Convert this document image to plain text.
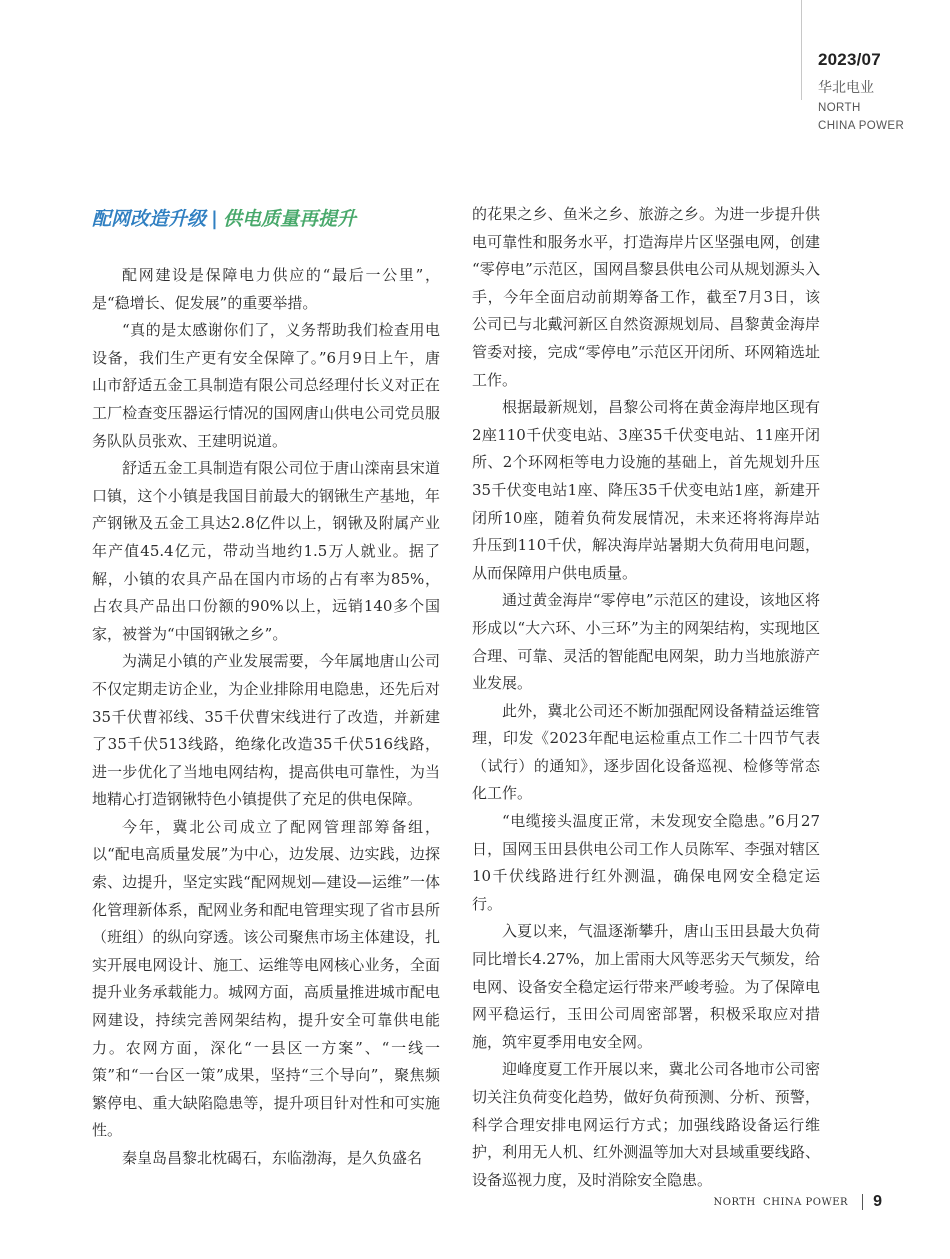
2023/07
华北电业
NORTH
CHINA POWER
配网改造升级 | 供电质量再提升

配网建设是保障电力供应的“最后一公里”，是“稳增长、促发展”的重要举措。

“真的是太感谢你们了，义务帮助我们检查用电设备，我们生产更有安全保障了。”6月9日上午，唐山市舒适五金工具制造有限公司总经理付长义对正在工厂检查变压器运行情况的国网唐山供电公司党员服务队队员张欢、王建明说道。

舒适五金工具制造有限公司位于唐山滦南县宋道口镇，这个小镇是我国目前最大的钢锹生产基地，年产钢锹及五金工具达2.8亿件以上，钢锹及附属产业年产值45.4亿元，带动当地约1.5万人就业。据了解，小镇的农具产品在国内市场的占有率为85%，占农具产品出口份额的90%以上，远销140多个国家，被誉为“中国钢锹之乡”。

为满足小镇的产业发展需要，今年属地唐山公司不仅定期走访企业，为企业排除用电隐患，还先后对35千伏曹祁线、35千伏曹宋线进行了改造，并新建了35千伏513线路，绝缘化改造35千伏516线路，进一步优化了当地电网结构，提高供电可靠性，为当地精心打造钢锹特色小镇提供了充足的供电保障。

今年，冀北公司成立了配网管理部筹备组，以“配电高质量发展”为中心，边发展、边实践，边探索、边提升，坚定实践“配网规划—建设—运维”一体化管理新体系，配网业务和配电管理实现了省市县所（班组）的纵向穿透。该公司聚焦市场主体建设，扎实开展电网设计、施工、运维等电网核心业务，全面提升业务承载能力。城网方面，高质量推进城市配电网建设，持续完善网架结构，提升安全可靠供电能力。农网方面，深化“一县区一方案”、“一线一策”和“一台区一策”成果，坚持“三个导向”，聚焦频繁停电、重大缺陷隐患等，提升项目针对性和可实施性。

秦皇岛昌黎北枕碣石，东临渤海，是久负盛名

的花果之乡、鱼米之乡、旅游之乡。为进一步提升供电可靠性和服务水平，打造海岸片区坚强电网，创建 “零停电”示范区，国网昌黎县供电公司从规划源头入手，今年全面启动前期筹备工作，截至7月3日，该公司已与北戴河新区自然资源规划局、昌黎黄金海岸管委对接，完成“零停电”示范区开闭所、环网箱选址工作。

根据最新规划，昌黎公司将在黄金海岸地区现有2座110千伏变电站、3座35千伏变电站、11座开闭所、2个环网柜等电力设施的基础上，首先规划升压35千伏变电站1座、降压35千伏变电站1座，新建开闭所10座，随着负荷发展情况，未来还将将海岸站升压到110千伏，解决海岸站暑期大负荷用电问题，从而保障用户供电质量。

通过黄金海岸“零停电”示范区的建设，该地区将形成以“大六环、小三环”为主的网架结构，实现地区合理、可靠、灵活的智能配电网架，助力当地旅游产业发展。

此外，冀北公司还不断加强配网设备精益运维管理，印发《2023年配电运检重点工作二十四节气表（试行）的通知》，逐步固化设备巡视、检修等常态化工作。

“电缆接头温度正常，未发现安全隐患。”6月27日，国网玉田县供电公司工作人员陈军、李强对辖区10千伏线路进行红外测温，确保电网安全稳定运行。

入夏以来，气温逐渐攀升，唐山玉田县最大负荷同比增长4.27%，加上雷雨大风等恶劣天气频发，给电网、设备安全稳定运行带来严峻考验。为了保障电网平稳运行，玉田公司周密部署，积极采取应对措施，筑牢夏季用电安全网。

迎峰度夏工作开展以来，冀北公司各地市公司密切关注负荷变化趋势，做好负荷预测、分析、预警，科学合理安排电网运行方式；加强线路设备运行维护，利用无人机、红外测温等加大对县域重要线路、设备巡视力度，及时消除安全隐患。

NORTH  CHINA POWER 9
